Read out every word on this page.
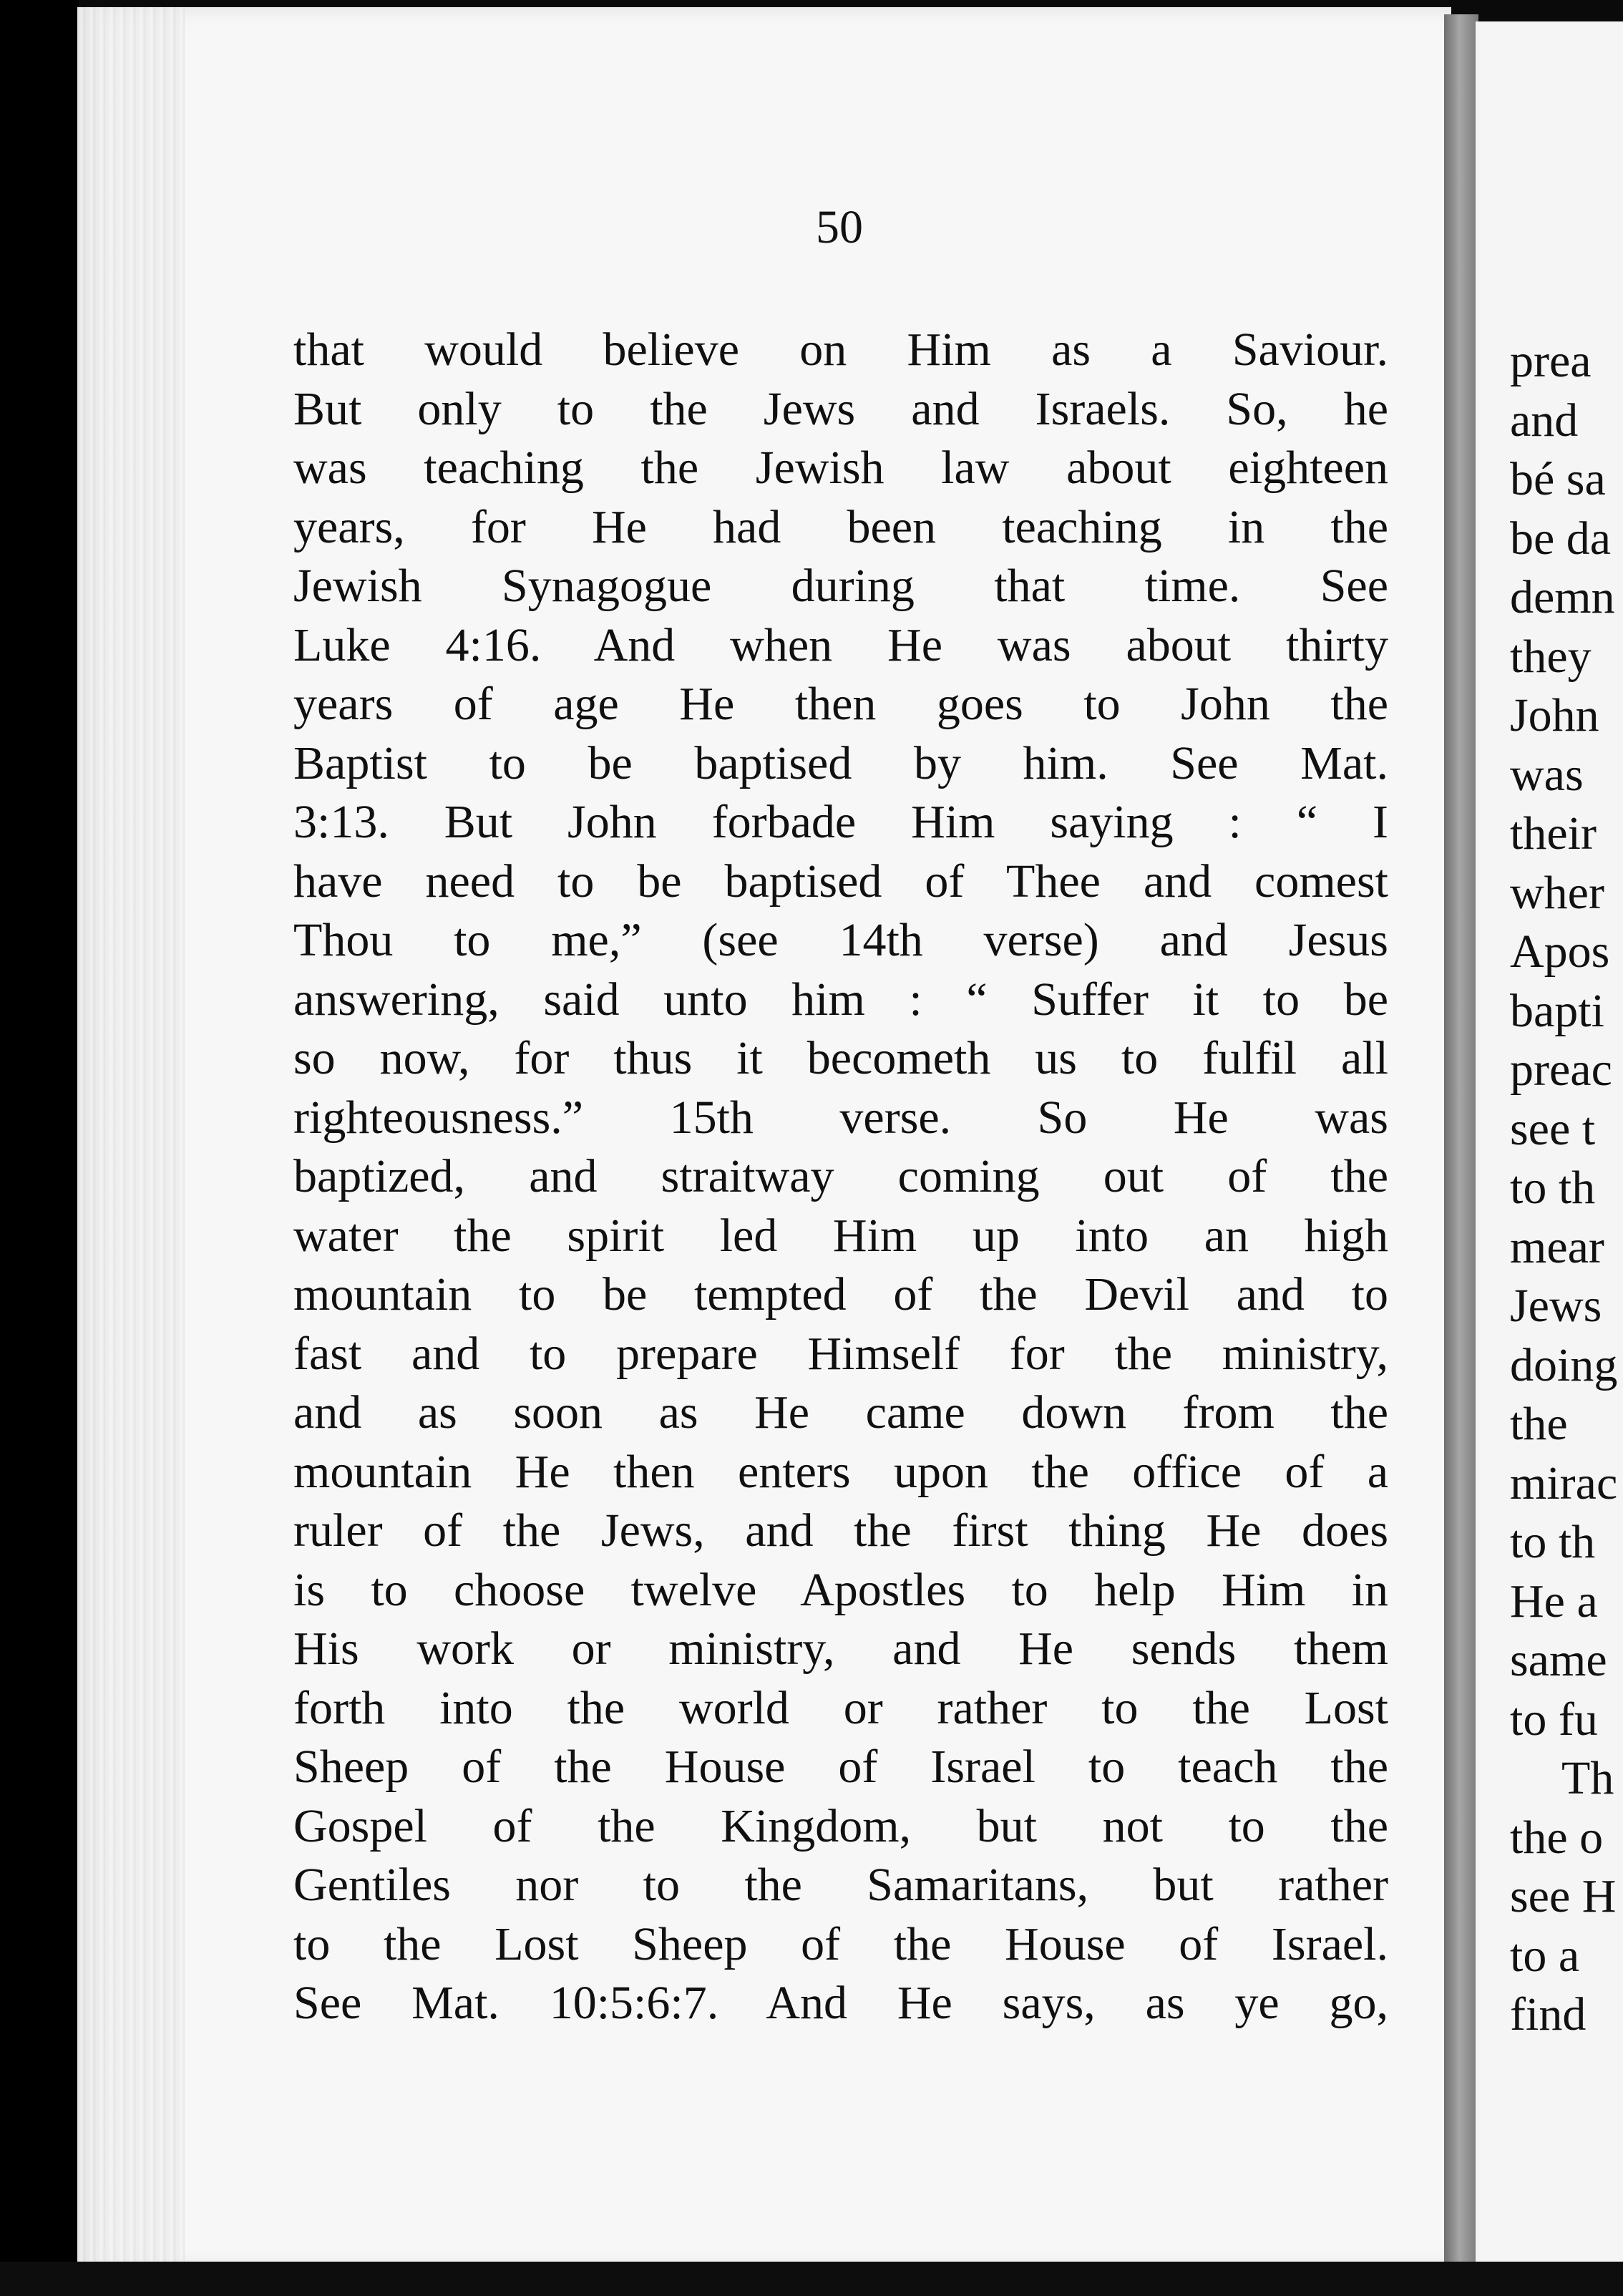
50
that would believe on Him as a Saviour.
But only to the Jews and Israels. So, he
was teaching the Jewish law about eighteen
years, for He had been teaching in the
Jewish Synagogue during that time. See
Luke 4:16. And when He was about thirty
years of age He then goes to John the
Baptist to be baptised by him. See Mat.
3:13. But John forbade Him saying : “ I
have need to be baptised of Thee and comest
Thou to me,” (see 14th verse) and Jesus
answering, said unto him : “ Suffer it to be
so now, for thus it becometh us to fulfil all
righteousness.” 15th verse. So He was
baptized, and straitway coming out of the
water the spirit led Him up into an high
mountain to be tempted of the Devil and to
fast and to prepare Himself for the ministry,
and as soon as He came down from the
mountain He then enters upon the office of a
ruler of the Jews, and the first thing He does
is to choose twelve Apostles to help Him in
His work or ministry, and He sends them
forth into the world or rather to the Lost
Sheep of the House of Israel to teach the
Gospel of the Kingdom, but not to the
Gentiles nor to the Samaritans, but rather
to the Lost Sheep of the House of Israel.
See Mat. 10:5:6:7. And He says, as ye go,
prea
and
bé sa
be da
demn
they
John
was
their
wher
Apos
bapti
preac
see t
to th
mear
Jews
doing
the
mirac
to th
He a
same
to fu
Th
the o
see H
to a
find
